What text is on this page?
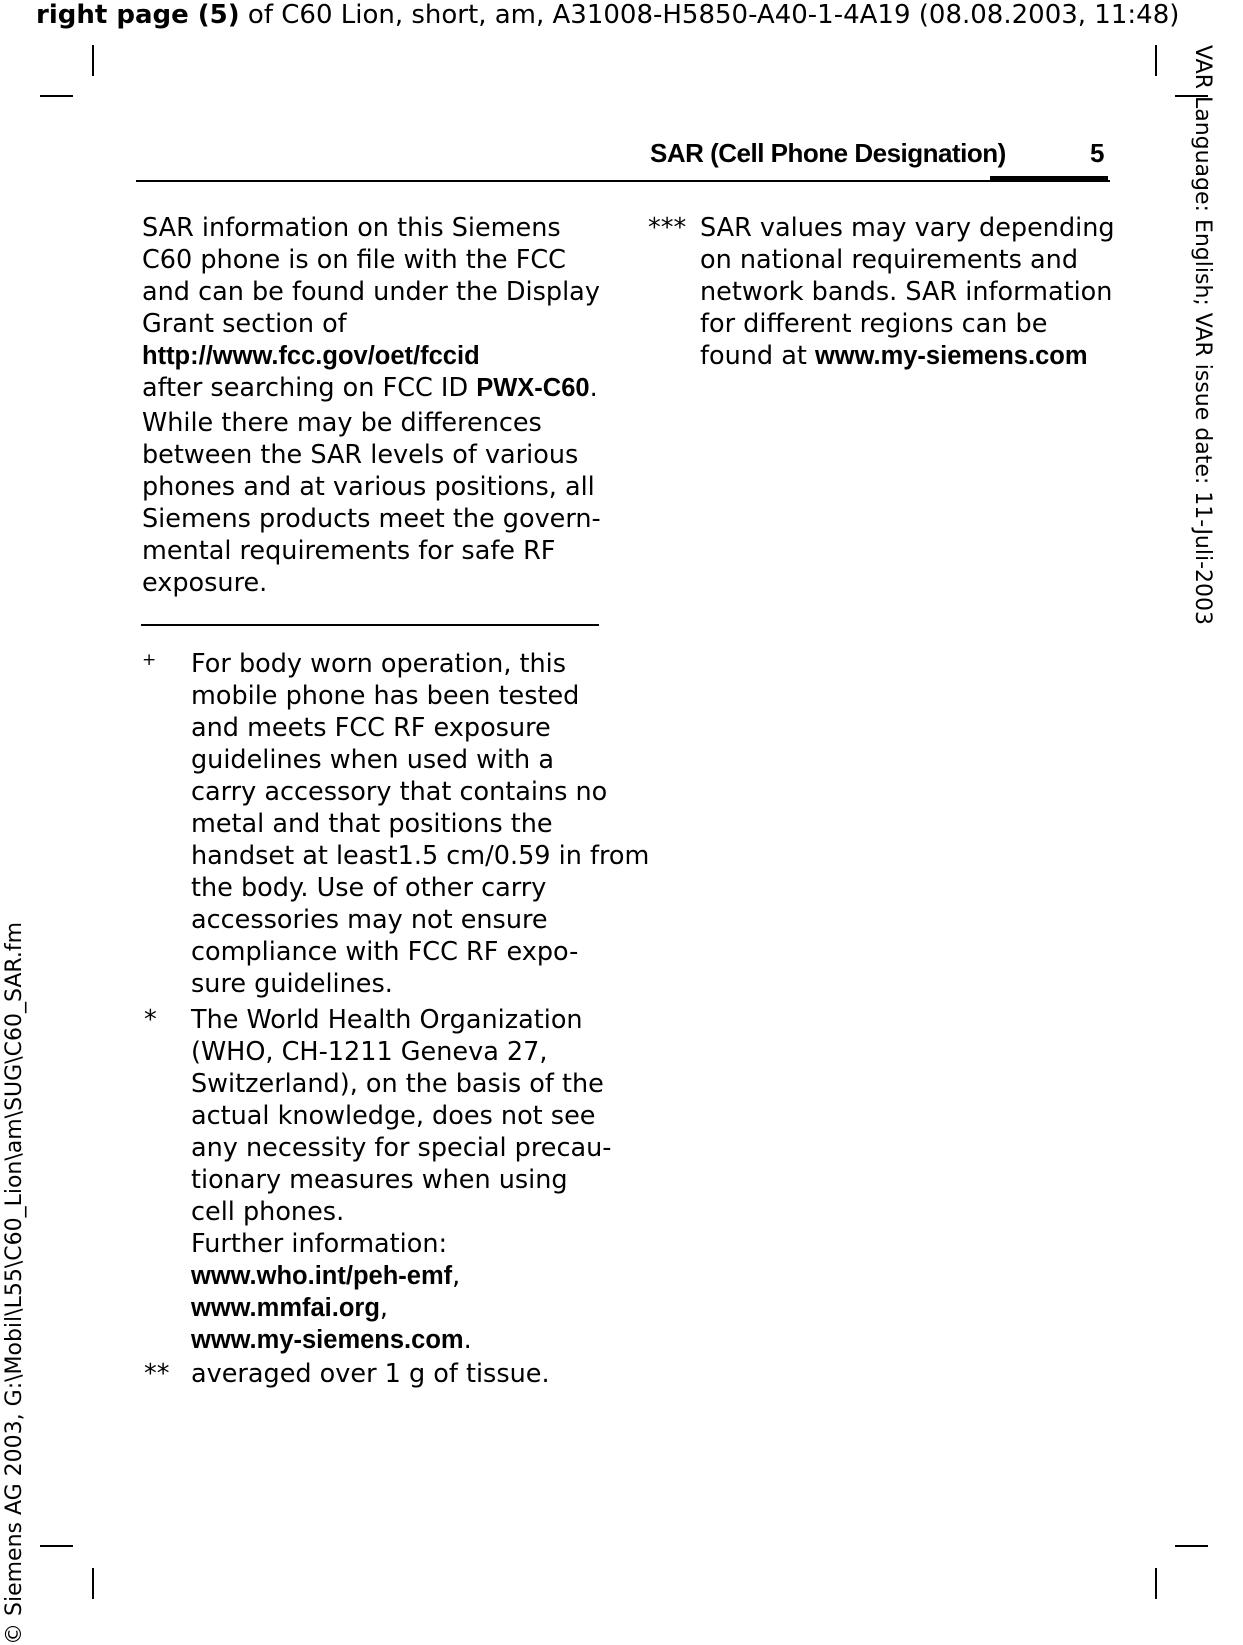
right page (5) of C60 Lion, short, am, A31008-H5850-A40-1-4A19 (08.08.2003, 11:48)
VAR Language: English; VAR issue date: 11-Juli-2003
© Siemens AG 2003, G:\Mobil\L55\C60_Lion\am\SUG\C60_SAR.fm
SAR (Cell Phone Designation)	5

SAR information on this Siemens
C60 phone is on file with the FCC
and can be found under the Display
Grant section of
http://www.fcc.gov/oet/fccid
after searching on FCC ID PWX-C60.

While there may be differences
between the SAR levels of various
phones and at various positions, all
Siemens products meet the govern-
mental requirements for safe RF
exposure.

+ For body worn operation, this
mobile phone has been tested
and meets FCC RF exposure
guidelines when used with a
carry accessory that contains no
metal and that positions the
handset at least1.5 cm/0.59 in from
the body. Use of other carry
accessories may not ensure
compliance with FCC RF expo-
sure guidelines.
* The World Health Organization
(WHO, CH-1211 Geneva 27,
Switzerland), on the basis of the
actual knowledge, does not see
any necessity for special precau-
tionary measures when using
cell phones.
Further information:
www.who.int/peh-emf,
www.mmfai.org,
www.my-siemens.com.
** averaged over 1 g of tissue.
*** SAR values may vary depending
on national requirements and
network bands. SAR information
for different regions can be
found at www.my-siemens.com
